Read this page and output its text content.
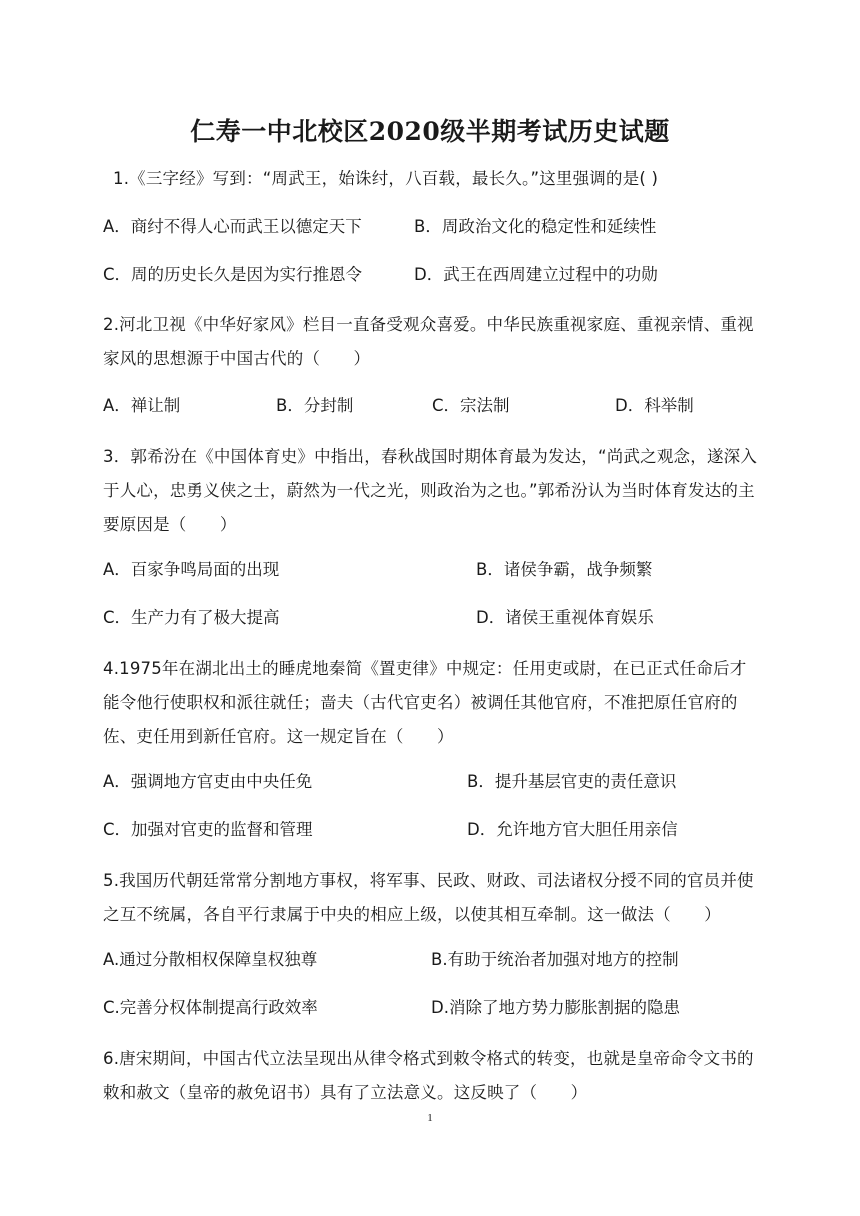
仁寿一中北校区2020级半期考试历史试题
1.《三字经》写到：“周武王，始诛纣，八百载，最长久。”这里强调的是( )
A．商纣不得人心而武王以德定天下	B．周政治文化的稳定性和延续性
C．周的历史长久是因为实行推恩令	D．武王在西周建立过程中的功勋
2.河北卫视《中华好家风》栏目一直备受观众喜爱。中华民族重视家庭、重视亲情、重视家风的思想源于中国古代的（　　）
A．禅让制	B．分封制	C．宗法制	D．科举制
3．郭希汾在《中国体育史》中指出，春秋战国时期体育最为发达，“尚武之观念，遂深入于人心，忠勇义侠之士，蔚然为一代之光，则政治为之也。”郭希汾认为当时体育发达的主要原因是（　　）
A．百家争鸣局面的出现	B．诸侯争霸，战争频繁
C．生产力有了极大提高	D．诸侯王重视体育娱乐
4.1975年在湖北出土的睡虎地秦简《置吏律》中规定：任用吏或尉，在已正式任命后才能令他行使职权和派往就任；啬夫（古代官吏名）被调任其他官府，不准把原任官府的佐、吏任用到新任官府。这一规定旨在（　　）
A．强调地方官吏由中央任免	B．提升基层官吏的责任意识
C．加强对官吏的监督和管理	D．允许地方官大胆任用亲信
5.我国历代朝廷常常分割地方事权，将军事、民政、财政、司法诸权分授不同的官员并使之互不统属，各自平行隶属于中央的相应上级，以使其相互牵制。这一做法（　　）
A.通过分散相权保障皇权独尊	B.有助于统治者加强对地方的控制
C.完善分权体制提高行政效率	D.消除了地方势力膨胀割据的隐患
6.唐宋期间，中国古代立法呈现出从律令格式到敕令格式的转变，也就是皇帝命令文书的敕和赦文（皇帝的赦免诏书）具有了立法意义。这反映了（　　）
1
